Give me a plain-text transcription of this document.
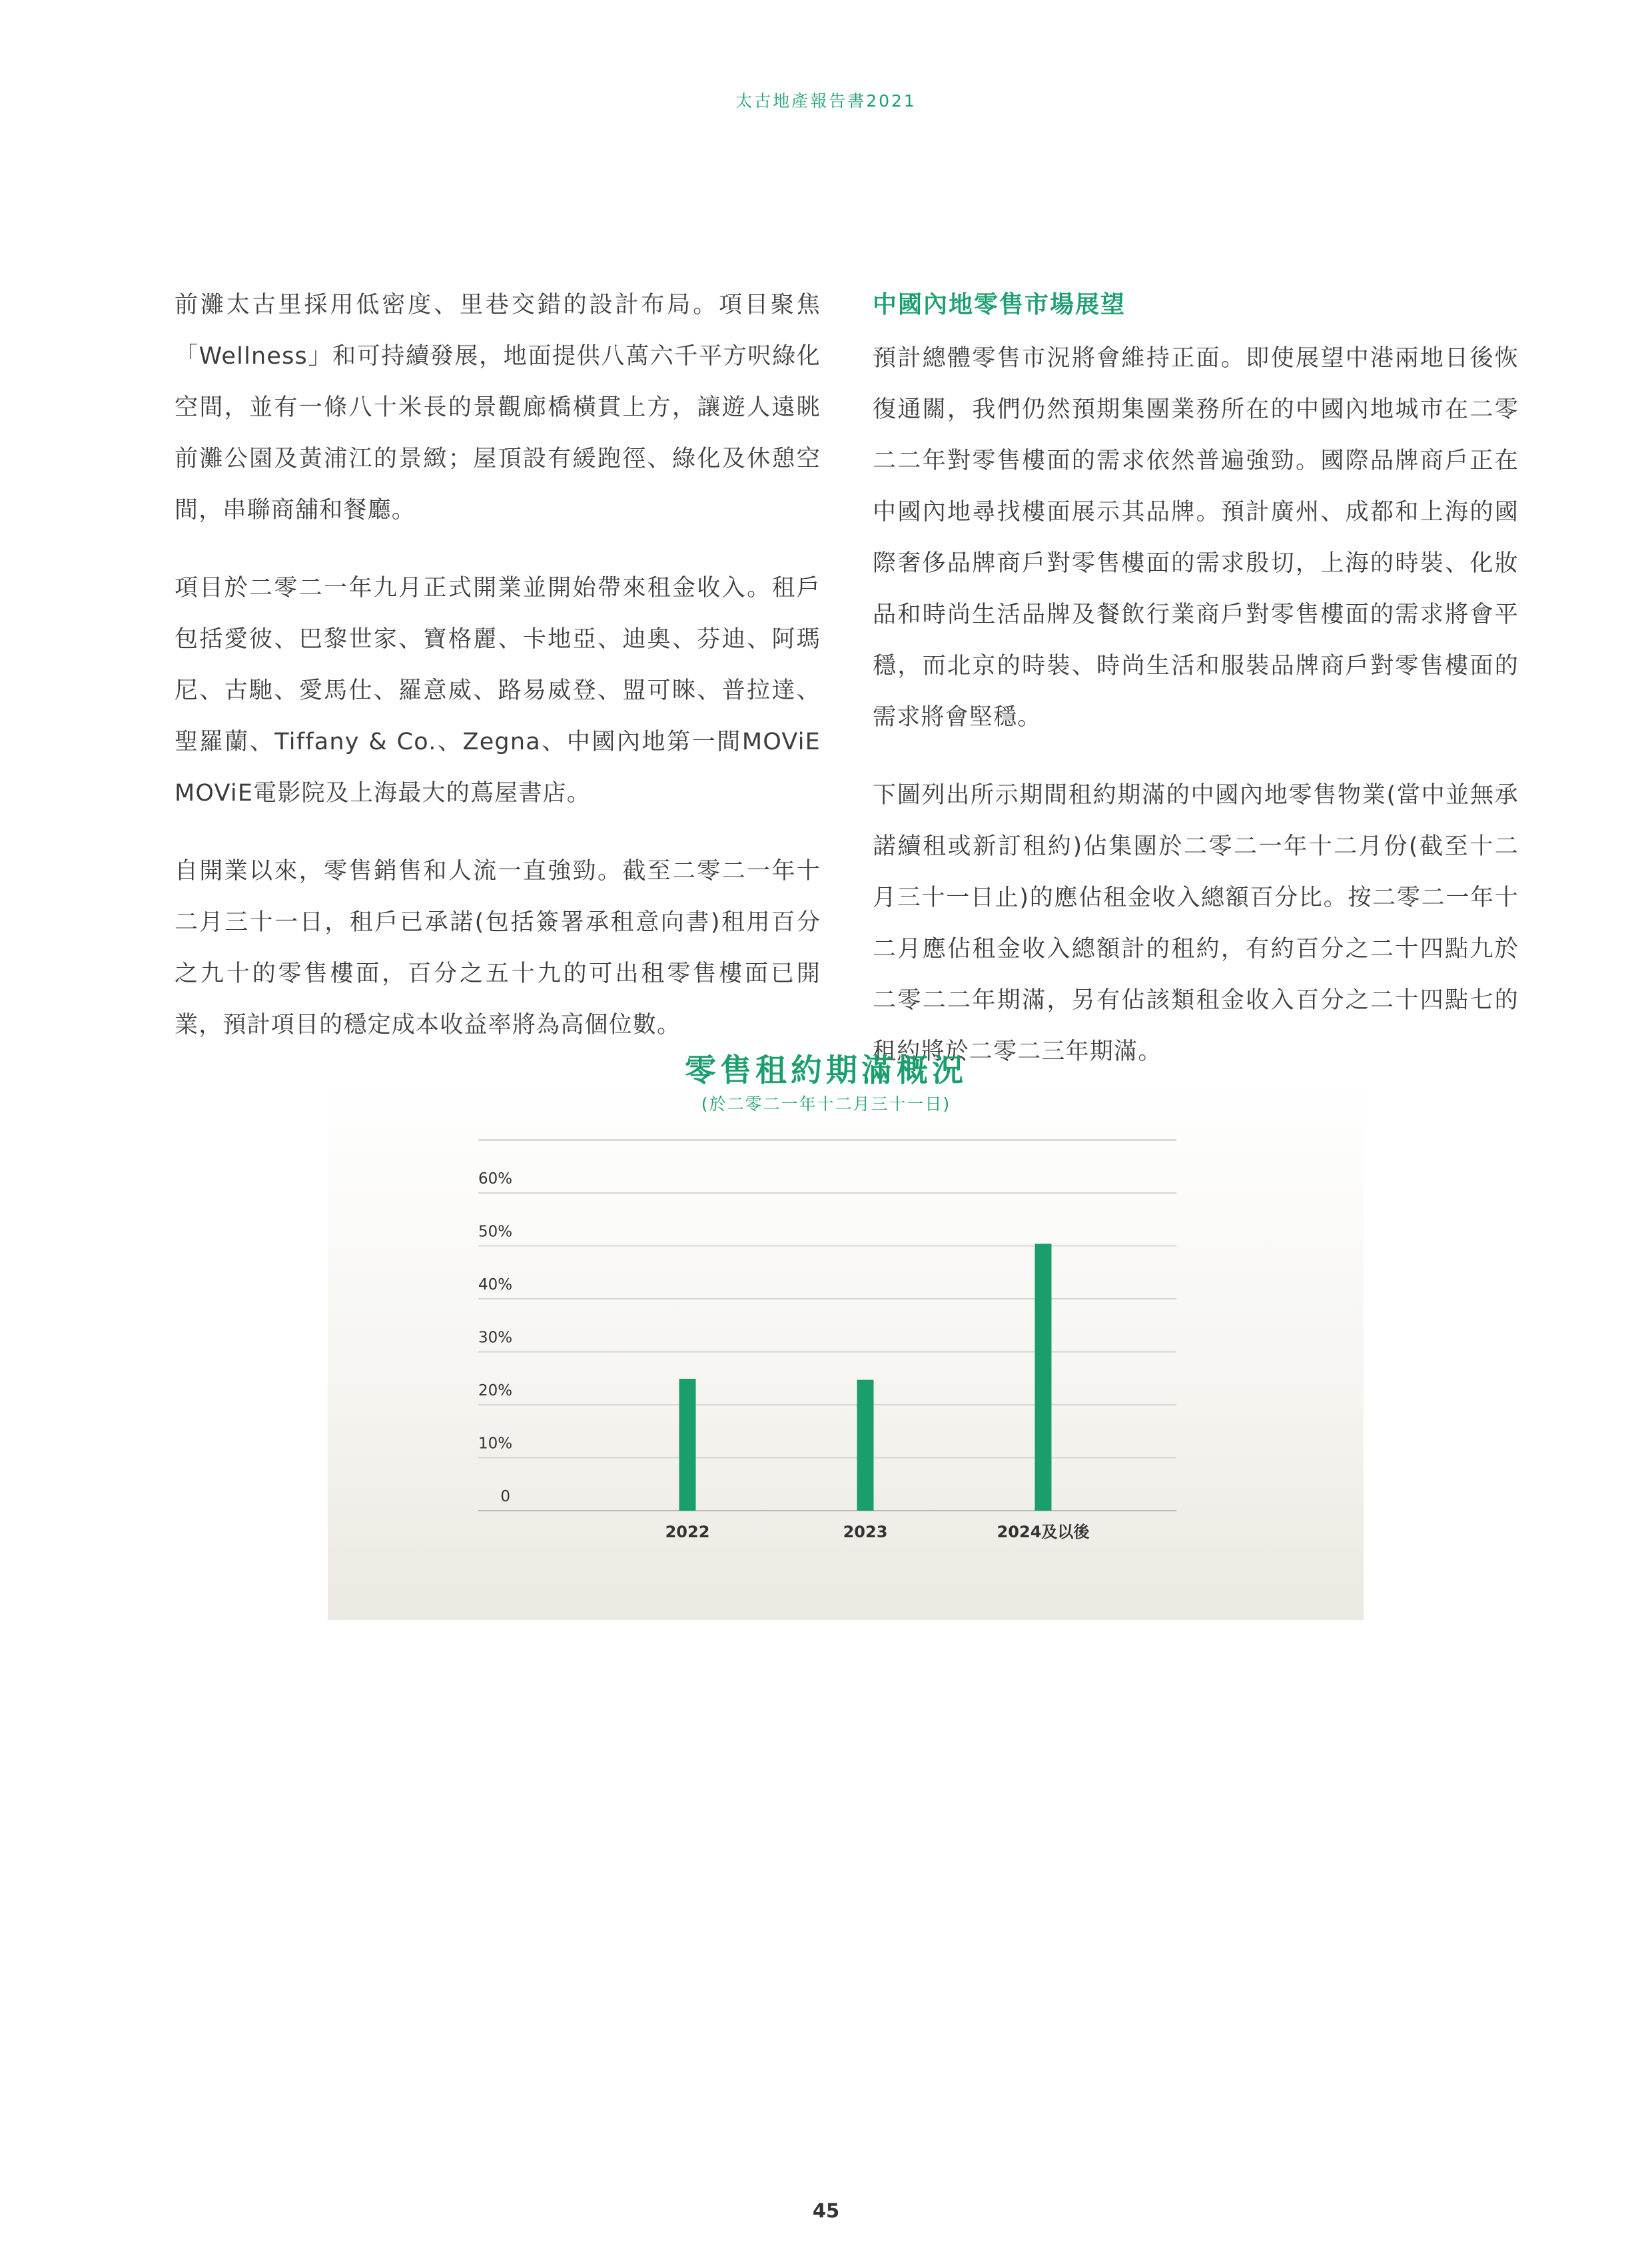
太古地產報告書2021

前灘太古里採用低密度、里巷交錯的設計布局。項目聚焦「Wellness」和可持續發展，地面提供八萬六千平方呎綠化空間，並有一條八十米長的景觀廊橋橫貫上方，讓遊人遠眺前灘公園及黃浦江的景緻；屋頂設有緩跑徑、綠化及休憩空間，串聯商舖和餐廳。

項目於二零二一年九月正式開業並開始帶來租金收入。租戶包括愛彼、巴黎世家、寶格麗、卡地亞、迪奧、芬迪、阿瑪尼、古馳、愛馬仕、羅意威、路易威登、盟可睞、普拉達、聖羅蘭、Tiffany & Co.、Zegna、中國內地第一間MOViE MOViE電影院及上海最大的蔦屋書店。

自開業以來，零售銷售和人流一直強勁。截至二零二一年十二月三十一日，租戶已承諾(包括簽署承租意向書)租用百分之九十的零售樓面，百分之五十九的可出租零售樓面已開業，預計項目的穩定成本收益率將為高個位數。

中國內地零售市場展望

預計總體零售市況將會維持正面。即使展望中港兩地日後恢復通關，我們仍然預期集團業務所在的中國內地城市在二零二二年對零售樓面的需求依然普遍強勁。國際品牌商戶正在中國內地尋找樓面展示其品牌。預計廣州、成都和上海的國際奢侈品牌商戶對零售樓面的需求殷切，上海的時裝、化妝品和時尚生活品牌及餐飲行業商戶對零售樓面的需求將會平穩，而北京的時裝、時尚生活和服裝品牌商戶對零售樓面的需求將會堅穩。

下圖列出所示期間租約期滿的中國內地零售物業(當中並無承諾續租或新訂租約)佔集團於二零二一年十二月份(截至十二月三十一日止)的應佔租金收入總額百分比。按二零二一年十二月應佔租金收入總額計的租約，有約百分之二十四點九於二零二二年期滿，另有佔該類租金收入百分之二十四點七的租約將於二零二三年期滿。

零售租約期滿概況
(於二零二一年十二月三十一日)
0
10%
20%
30%
40%
50%
60%
2022	2023	2024及以後
45
